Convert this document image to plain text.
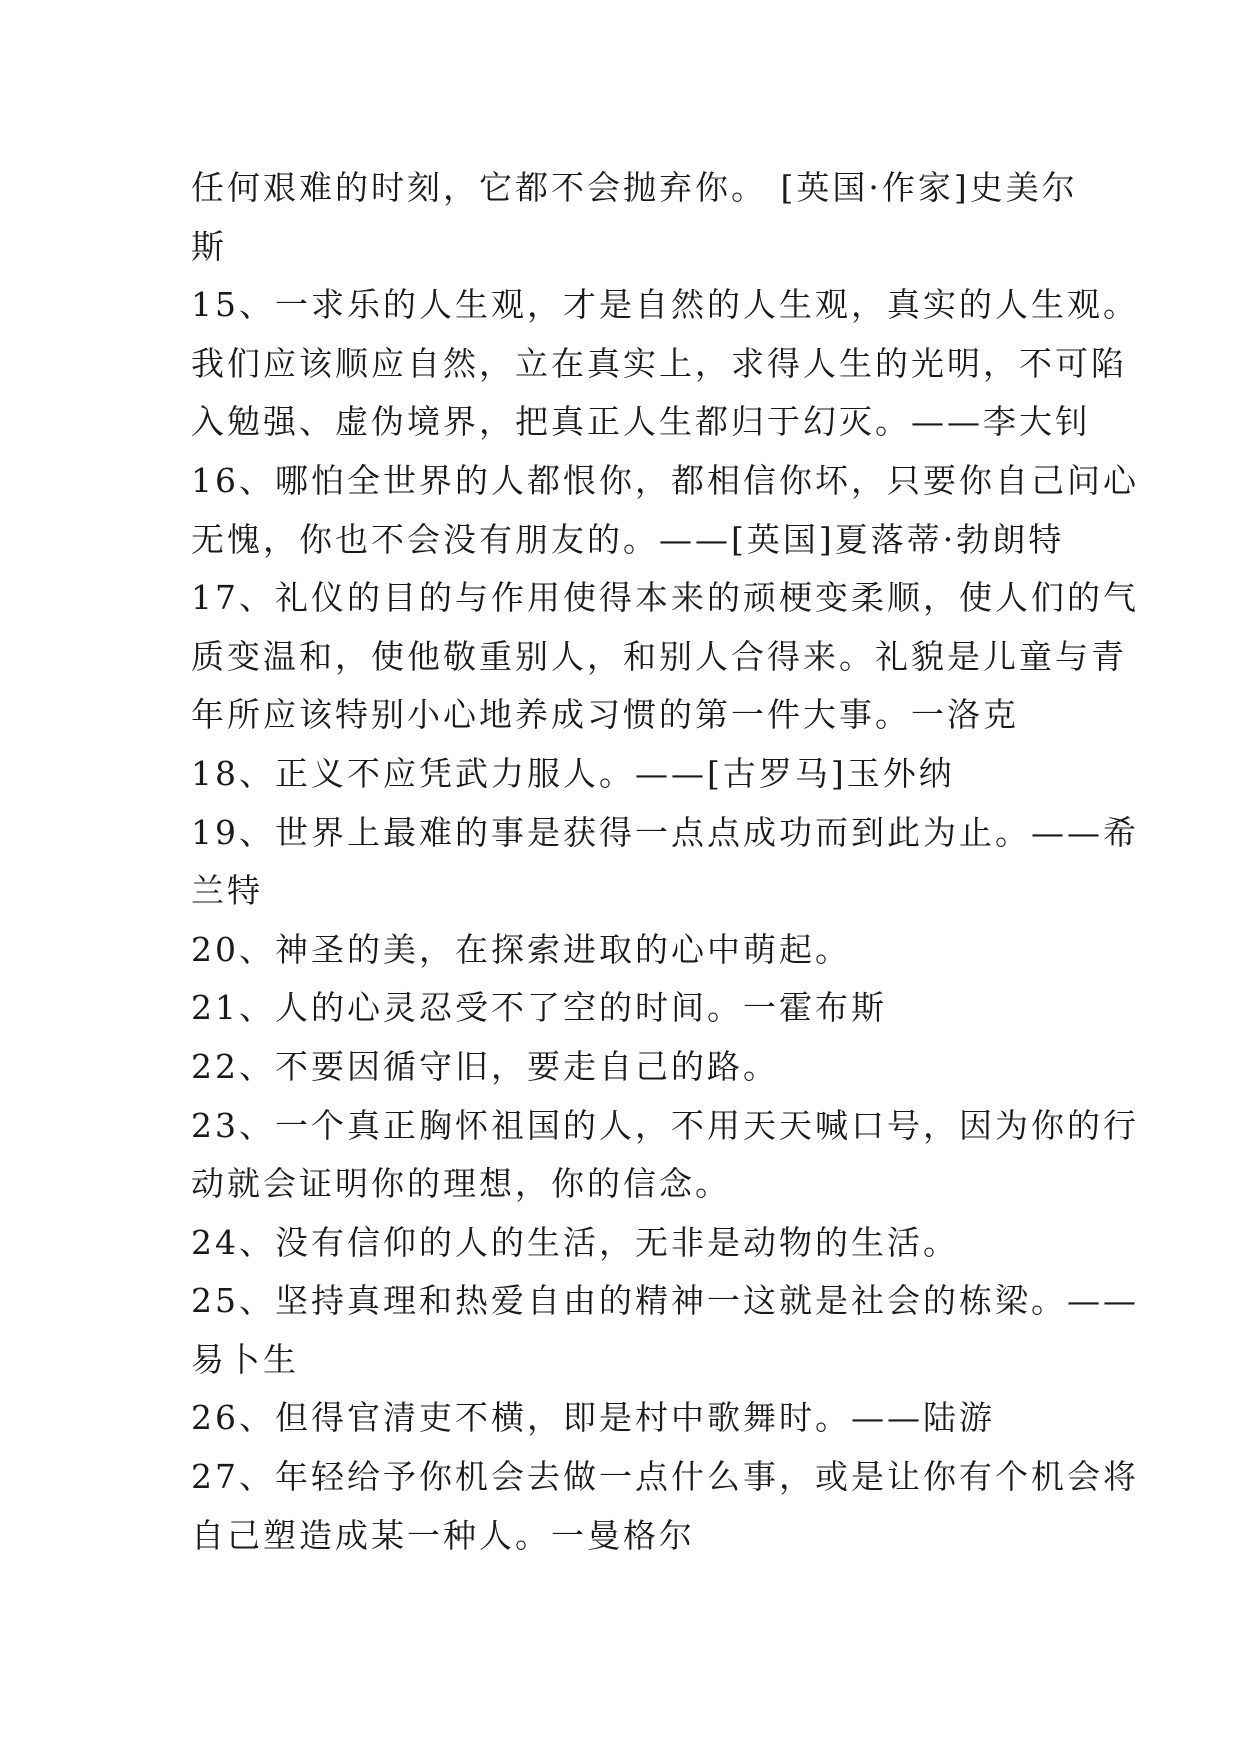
任何艰难的时刻，它都不会抛弃你。 [英国·作家]史美尔
斯
15、一求乐的人生观，才是自然的人生观，真实的人生观。
我们应该顺应自然，立在真实上，求得人生的光明，不可陷
入勉强、虚伪境界，把真正人生都归于幻灭。——李大钊
16、哪怕全世界的人都恨你，都相信你坏，只要你自己问心
无愧，你也不会没有朋友的。——[英国]夏落蒂·勃朗特
17、礼仪的目的与作用使得本来的顽梗变柔顺，使人们的气
质变温和，使他敬重别人，和别人合得来。礼貌是儿童与青
年所应该特别小心地养成习惯的第一件大事。一洛克
18、正义不应凭武力服人。——[古罗马]玉外纳
19、世界上最难的事是获得一点点成功而到此为止。——希
兰特
20、神圣的美，在探索进取的心中萌起。
21、人的心灵忍受不了空的时间。一霍布斯
22、不要因循守旧，要走自己的路。
23、一个真正胸怀祖国的人，不用天天喊口号，因为你的行
动就会证明你的理想，你的信念。
24、没有信仰的人的生活，无非是动物的生活。
25、坚持真理和热爱自由的精神一这就是社会的栋梁。——
易卜生
26、但得官清吏不横，即是村中歌舞时。——陆游
27、年轻给予你机会去做一点什么事，或是让你有个机会将
自己塑造成某一种人。一曼格尔
